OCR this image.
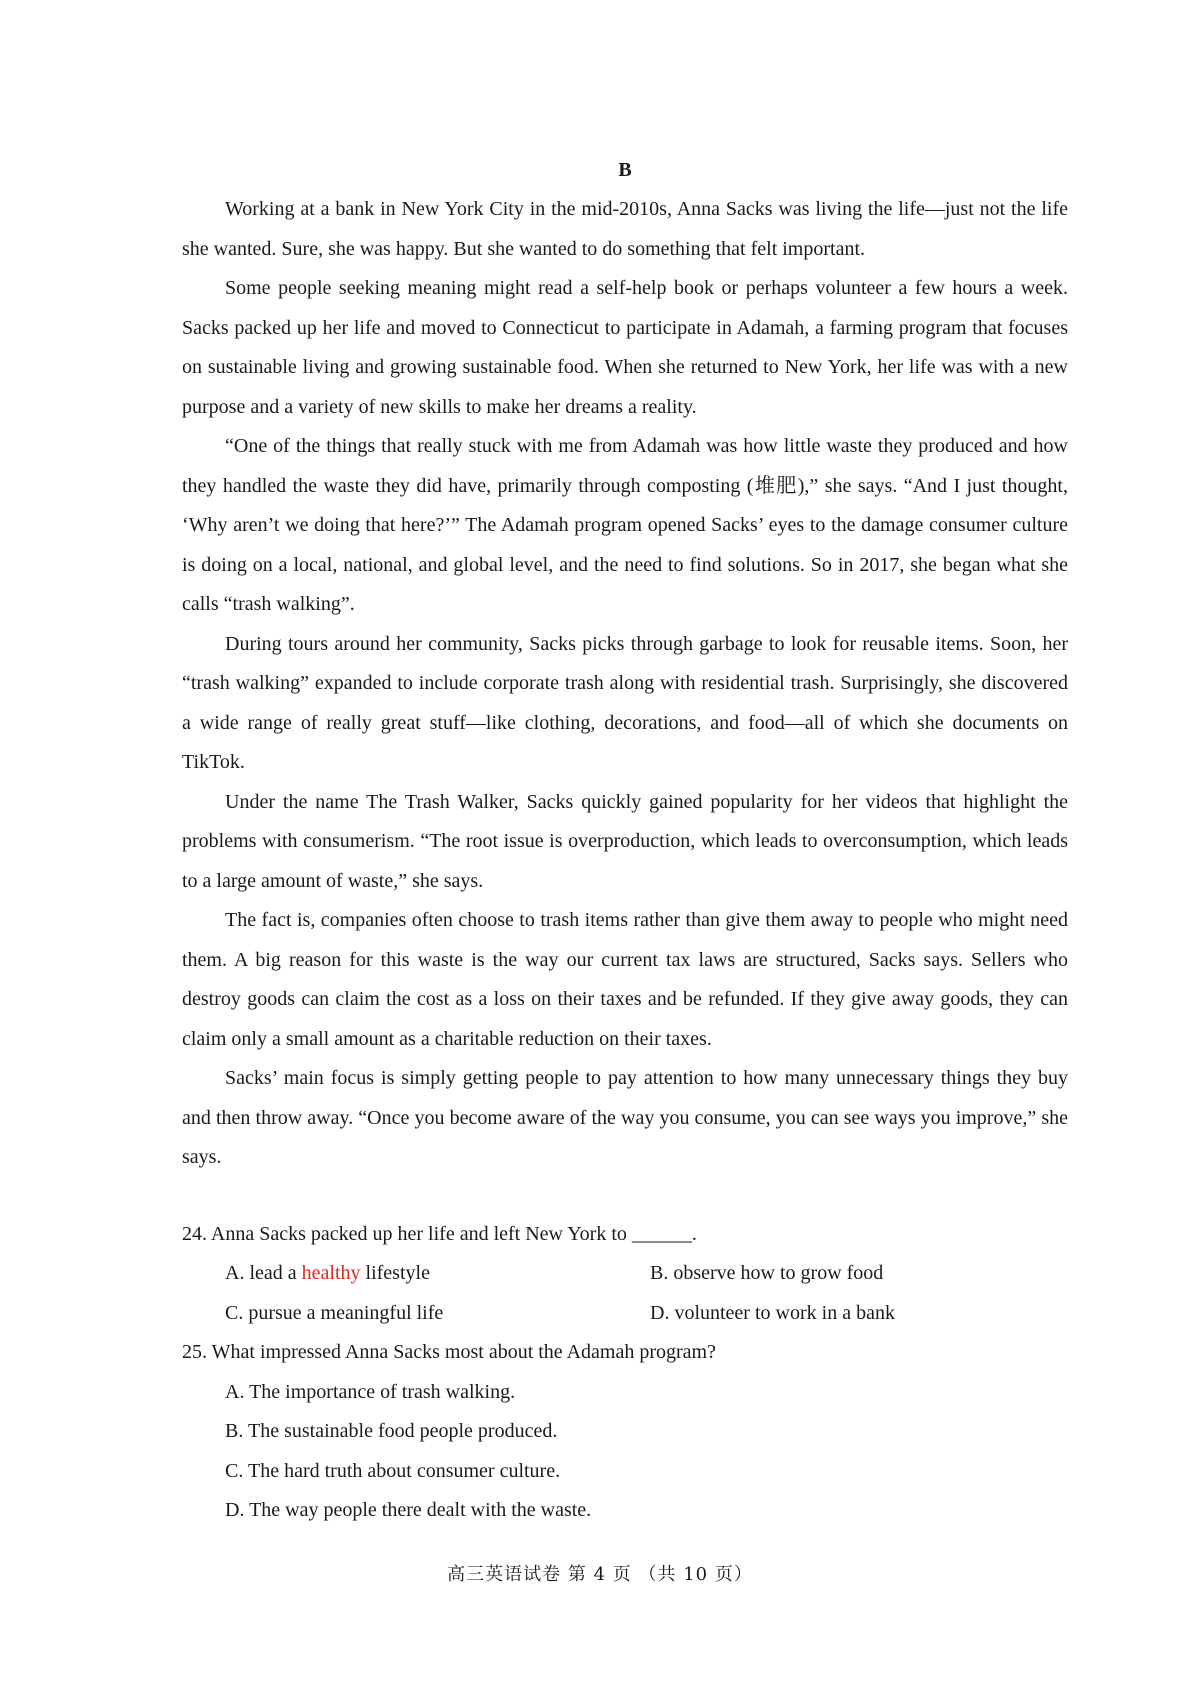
B

Working at a bank in New York City in the mid-2010s, Anna Sacks was living the life—just not the life she wanted. Sure, she was happy. But she wanted to do something that felt important.

Some people seeking meaning might read a self-help book or perhaps volunteer a few hours a week. Sacks packed up her life and moved to Connecticut to participate in Adamah, a farming program that focuses on sustainable living and growing sustainable food. When she returned to New York, her life was with a new purpose and a variety of new skills to make her dreams a reality.

“One of the things that really stuck with me from Adamah was how little waste they produced and how they handled the waste they did have, primarily through composting (堆肥),” she says. “And I just thought, ‘Why aren’t we doing that here?’” The Adamah program opened Sacks’ eyes to the damage consumer culture is doing on a local, national, and global level, and the need to find solutions. So in 2017, she began what she calls “trash walking”.

During tours around her community, Sacks picks through garbage to look for reusable items. Soon, her “trash walking” expanded to include corporate trash along with residential trash. Surprisingly, she discovered a wide range of really great stuff—like clothing, decorations, and food—all of which she documents on TikTok.

Under the name The Trash Walker, Sacks quickly gained popularity for her videos that highlight the problems with consumerism. “The root issue is overproduction, which leads to overconsumption, which leads to a large amount of waste,” she says.

The fact is, companies often choose to trash items rather than give them away to people who might need them. A big reason for this waste is the way our current tax laws are structured, Sacks says. Sellers who destroy goods can claim the cost as a loss on their taxes and be refunded. If they give away goods, they can claim only a small amount as a charitable reduction on their taxes.

Sacks’ main focus is simply getting people to pay attention to how many unnecessary things they buy and then throw away. “Once you become aware of the way you consume, you can see ways you improve,” she says.

24. Anna Sacks packed up her life and left New York to ______.

A. lead a healthy lifestyle	B. observe how to grow food

C. pursue a meaningful life	D. volunteer to work in a bank

25. What impressed Anna Sacks most about the Adamah program?

A. The importance of trash walking.

B. The sustainable food people produced.

C. The hard truth about consumer culture.

D. The way people there dealt with the waste.

高三英语试卷 第 4 页 （共 10 页）
